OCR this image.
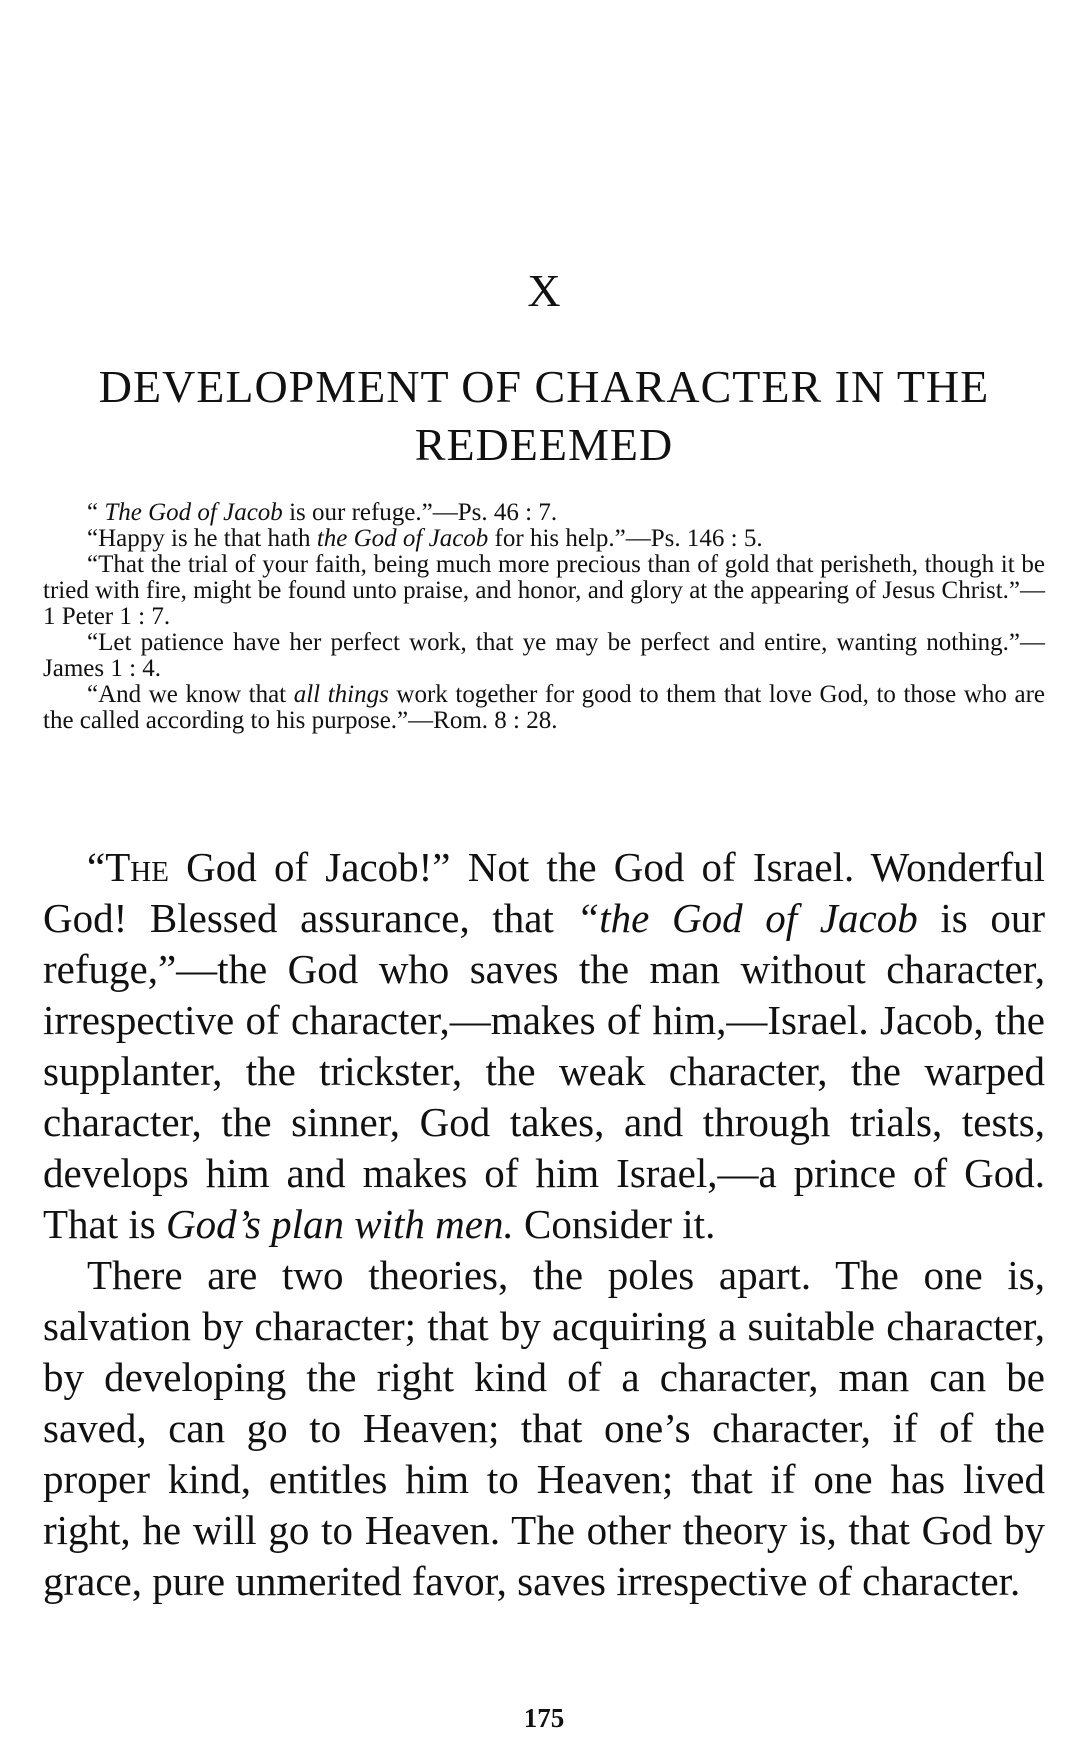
X
DEVELOPMENT OF CHARACTER IN THE
REDEEMED

“ The God of Jacob is our refuge.”—Ps. 46 : 7.

“Happy is he that hath the God of Jacob for his help.”—Ps. 146 : 5.

“That the trial of your faith, being much more precious than of gold that perisheth, though it be tried with fire, might be found unto praise, and honor, and glory at the appearing of Jesus Christ.”—1 Peter 1 : 7.

“Let patience have her perfect work, that ye may be perfect and entire, wanting nothing.”—James 1 : 4.

“And we know that all things work together for good to them that love God, to those who are the called according to his purpose.”—Rom. 8 : 28.

“The God of Jacob!” Not the God of Israel. Wonderful God! Blessed assurance, that “the God of Jacob is our refuge,”—the God who saves the man without character, irrespective of character,—makes of him,—Israel. Jacob, the supplanter, the trickster, the weak character, the warped character, the sinner, God takes, and through trials, tests, develops him and makes of him Israel,—a prince of God. That is God’s plan with men. Consider it.

There are two theories, the poles apart. The one is, salvation by character; that by acquiring a suitable character, by developing the right kind of a character, man can be saved, can go to Heaven; that one’s character, if of the proper kind, entitles him to Heaven; that if one has lived right, he will go to Heaven. The other theory is, that God by grace, pure unmerited favor, saves irrespective of character.

175
